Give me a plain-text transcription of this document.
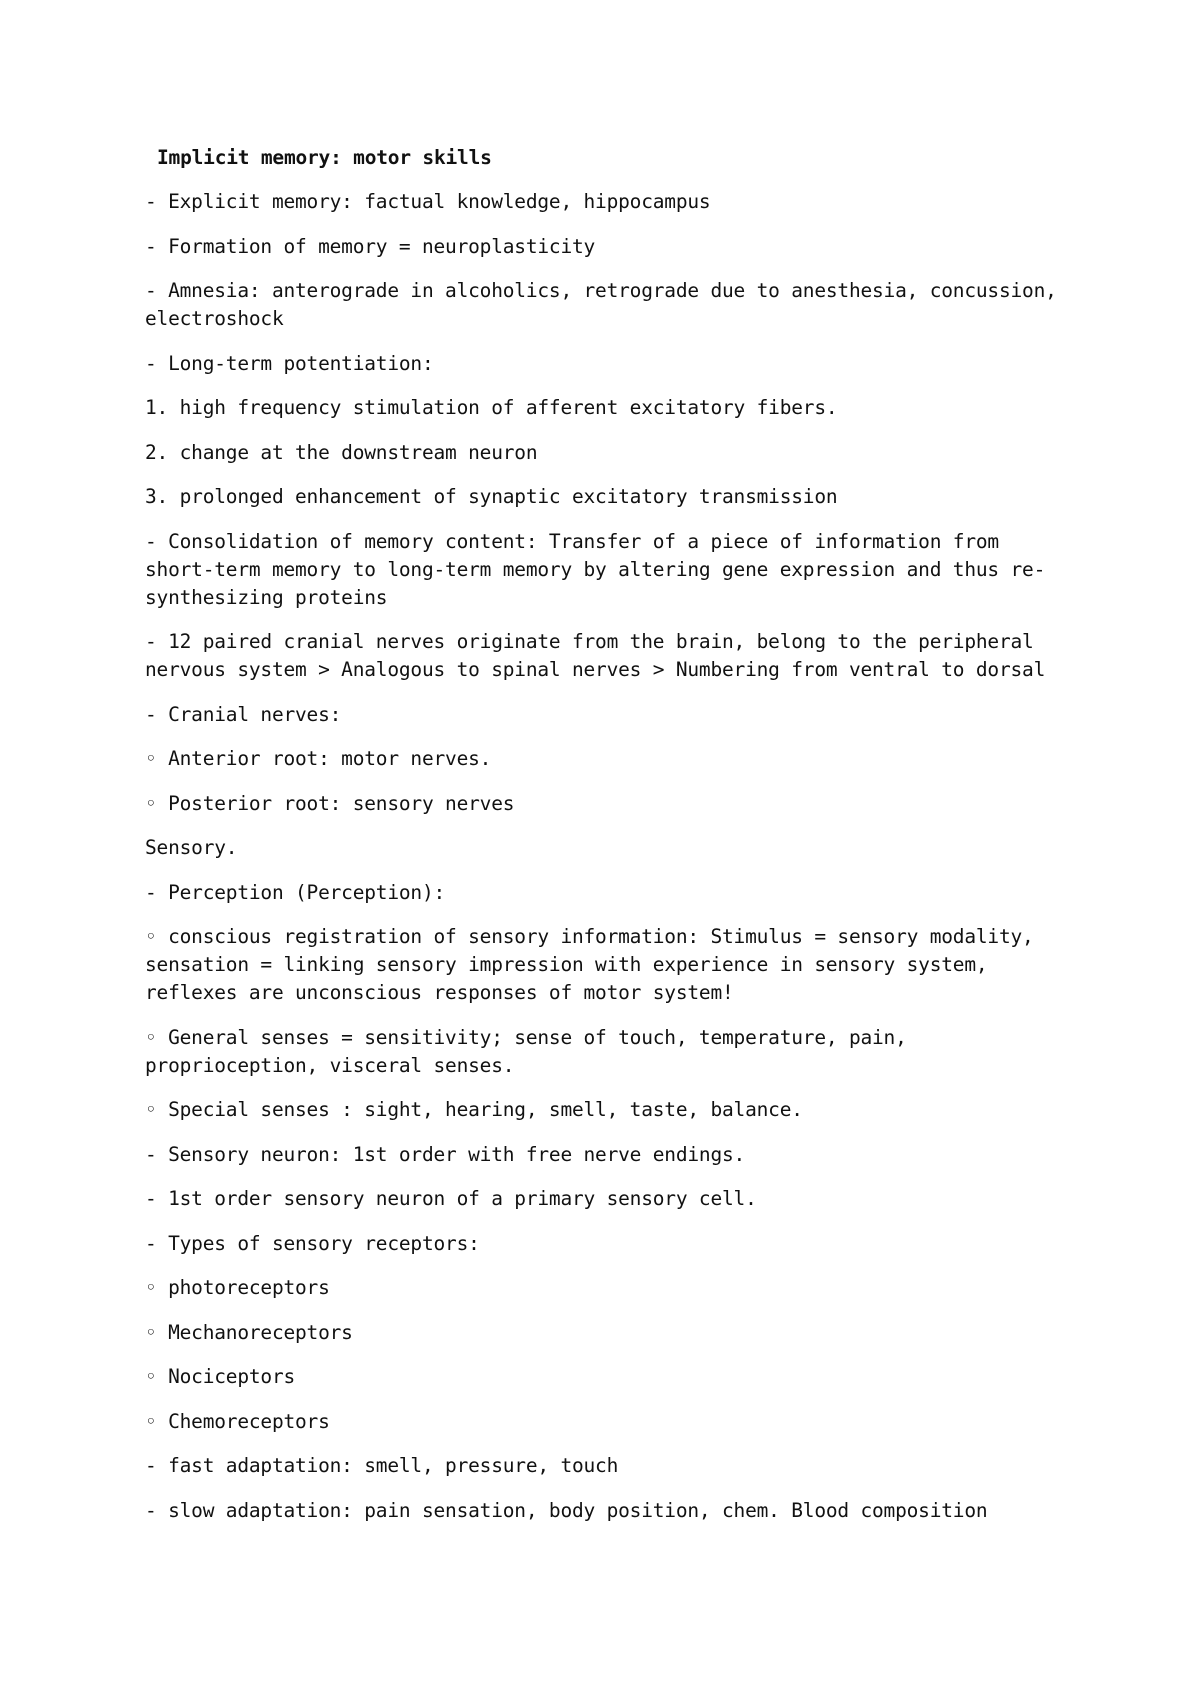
Implicit memory: motor skills

- Explicit memory: factual knowledge, hippocampus

- Formation of memory = neuroplasticity

- Amnesia: anterograde in alcoholics, retrograde due to anesthesia, concussion, electroshock

- Long-term potentiation:

1. high frequency stimulation of afferent excitatory fibers.

2. change at the downstream neuron

3. prolonged enhancement of synaptic excitatory transmission

- Consolidation of memory content: Transfer of a piece of information from short-term memory to long-term memory by altering gene expression and thus re-synthesizing proteins

- 12 paired cranial nerves originate from the brain, belong to the peripheral nervous system > Analogous to spinal nerves > Numbering from ventral to dorsal

- Cranial nerves:

◦ Anterior root: motor nerves.

◦ Posterior root: sensory nerves

Sensory.

- Perception (Perception):

◦ conscious registration of sensory information: Stimulus = sensory modality, sensation = linking sensory impression with experience in sensory system, reflexes are unconscious responses of motor system!

◦ General senses = sensitivity; sense of touch, temperature, pain, proprioception, visceral senses.

◦ Special senses : sight, hearing, smell, taste, balance.

- Sensory neuron: 1st order with free nerve endings.

- 1st order sensory neuron of a primary sensory cell.

- Types of sensory receptors:

◦ photoreceptors

◦ Mechanoreceptors

◦ Nociceptors

◦ Chemoreceptors

- fast adaptation: smell, pressure, touch

- slow adaptation: pain sensation, body position, chem. Blood composition
